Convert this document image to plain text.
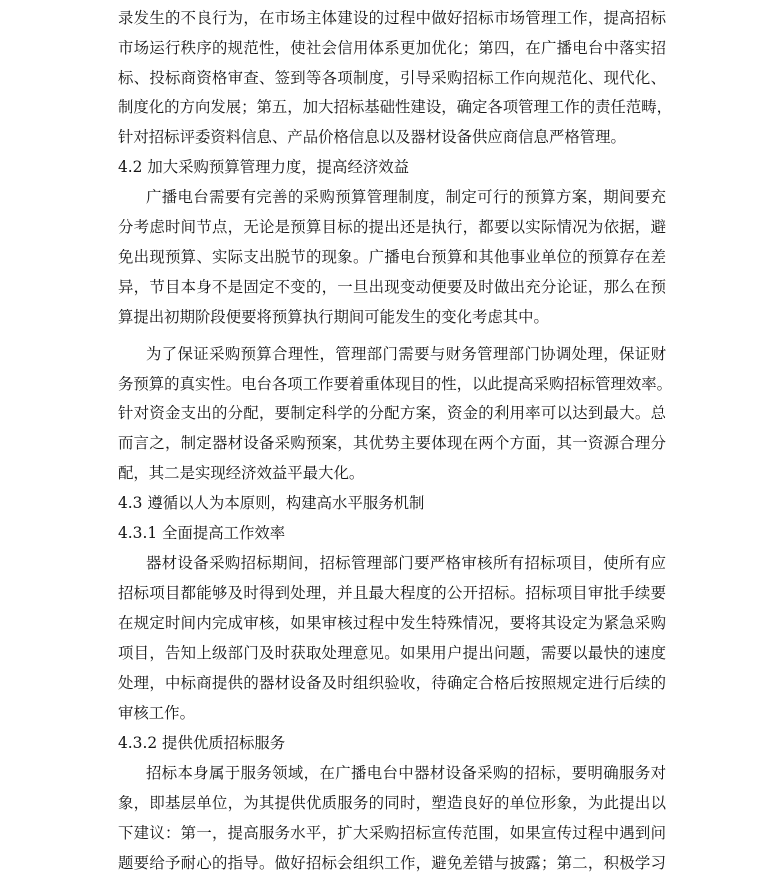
录发生的不良行为，在市场主体建设的过程中做好招标市场管理工作，提高招标
市场运行秩序的规范性，使社会信用体系更加优化；第四，在广播电台中落实招
标、投标商资格审查、签到等各项制度，引导采购招标工作向规范化、现代化、
制度化的方向发展；第五，加大招标基础性建设，确定各项管理工作的责任范畴，
针对招标评委资料信息、产品价格信息以及器材设备供应商信息严格管理。
4.2 加大采购预算管理力度，提高经济效益
广播电台需要有完善的采购预算管理制度，制定可行的预算方案，期间要充
分考虑时间节点，无论是预算目标的提出还是执行，都要以实际情况为依据，避
免出现预算、实际支出脱节的现象。广播电台预算和其他事业单位的预算存在差
异，节目本身不是固定不变的，一旦出现变动便要及时做出充分论证，那么在预
算提出初期阶段便要将预算执行期间可能发生的变化考虑其中。
为了保证采购预算合理性，管理部门需要与财务管理部门协调处理，保证财
务预算的真实性。电台各项工作要着重体现目的性，以此提高采购招标管理效率。
针对资金支出的分配，要制定科学的分配方案，资金的利用率可以达到最大。总
而言之，制定器材设备采购预案，其优势主要体现在两个方面，其一资源合理分
配，其二是实现经济效益平最大化。
4.3 遵循以人为本原则，构建高水平服务机制
4.3.1 全面提高工作效率
器材设备采购招标期间，招标管理部门要严格审核所有招标项目，使所有应
招标项目都能够及时得到处理，并且最大程度的公开招标。招标项目审批手续要
在规定时间内完成审核，如果审核过程中发生特殊情况，要将其设定为紧急采购
项目，告知上级部门及时获取处理意见。如果用户提出问题，需要以最快的速度
处理，中标商提供的器材设备及时组织验收，待确定合格后按照规定进行后续的
审核工作。
4.3.2 提供优质招标服务
招标本身属于服务领域，在广播电台中器材设备采购的招标，要明确服务对
象，即基层单位，为其提供优质服务的同时，塑造良好的单位形象，为此提出以
下建议：第一，提高服务水平，扩大采购招标宣传范围，如果宣传过程中遇到问
题要给予耐心的指导。做好招标会组织工作，避免差错与披露；第二，积极学习
